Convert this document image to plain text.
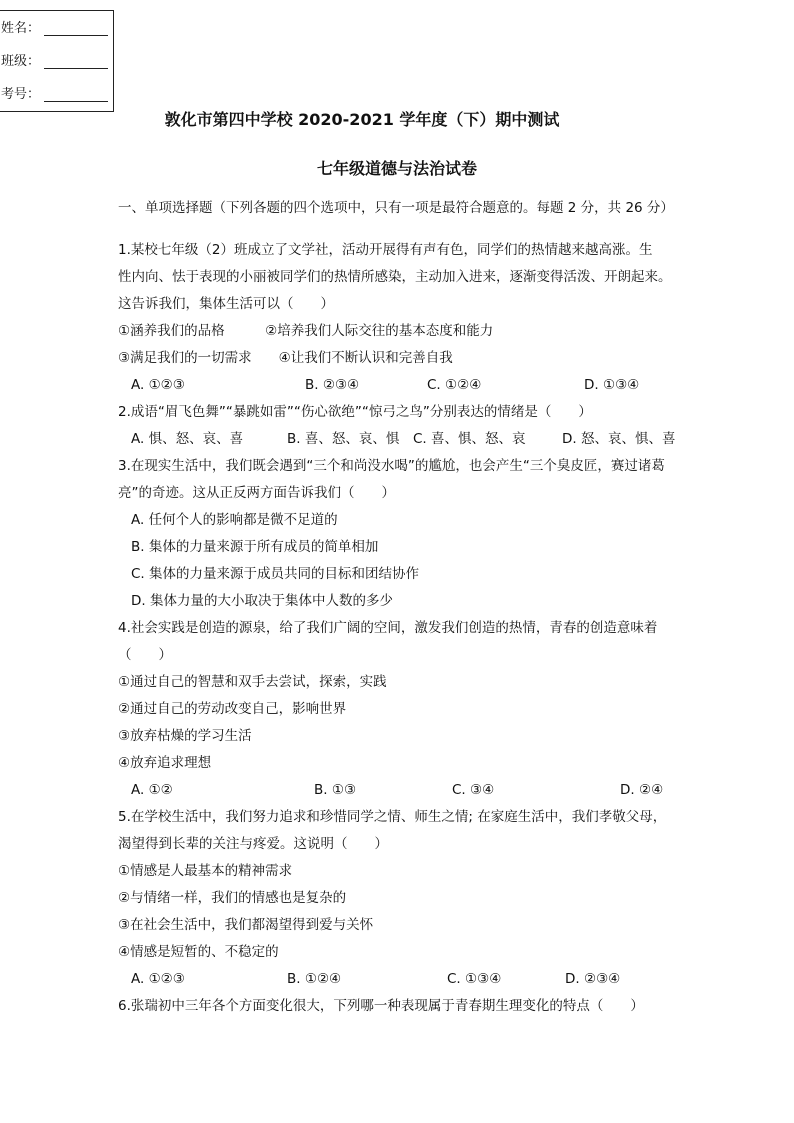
姓名：
班级：
考号：
敦化市第四中学校 2020-2021 学年度（下）期中测试
七年级道德与法治试卷
一、单项选择题（下列各题的四个选项中，只有一项是最符合题意的。每题 2 分，共 26 分）
1.某校七年级（2）班成立了文学社，活动开展得有声有色，同学们的热情越来越高涨。生
性内向、怯于表现的小丽被同学们的热情所感染，主动加入进来，逐渐变得活泼、开朗起来。
这告诉我们，集体生活可以（　　）
①涵养我们的品格　　　②培养我们人际交往的基本态度和能力
③满足我们的一切需求　　④让我们不断认识和完善自我
A. ①②③	B. ②③④	C. ①②④	D. ①③④
2.成语“眉飞色舞”“暴跳如雷”“伤心欲绝”“惊弓之鸟”分别表达的情绪是（　　）
A. 惧、怒、哀、喜	B. 喜、怒、哀、惧 C. 喜、惧、怒、哀	D. 怒、哀、惧、喜
3.在现实生活中，我们既会遇到“三个和尚没水喝”的尴尬，也会产生“三个臭皮匠，赛过诸葛
亮”的奇迹。这从正反两方面告诉我们（　　）
A. 任何个人的影响都是微不足道的
B. 集体的力量来源于所有成员的简单相加
C. 集体的力量来源于成员共同的目标和团结协作
D. 集体力量的大小取决于集体中人数的多少
4.社会实践是创造的源泉，给了我们广阔的空间，激发我们创造的热情，青春的创造意味着
（　　）
①通过自己的智慧和双手去尝试，探索，实践
②通过自己的劳动改变自己，影响世界
③放弃枯燥的学习生活
④放弃追求理想
A. ①②	B. ①③	C. ③④	D. ②④
5.在学校生活中，我们努力追求和珍惜同学之情、师生之情; 在家庭生活中，我们孝敬父母，
渴望得到长辈的关注与疼爱。这说明（　　）
①情感是人最基本的精神需求
②与情绪一样，我们的情感也是复杂的
③在社会生活中，我们都渴望得到爱与关怀
④情感是短暂的、不稳定的
A. ①②③	B. ①②④	C. ①③④	D. ②③④
6.张瑞初中三年各个方面变化很大，下列哪一种表现属于青春期生理变化的特点（　　）
